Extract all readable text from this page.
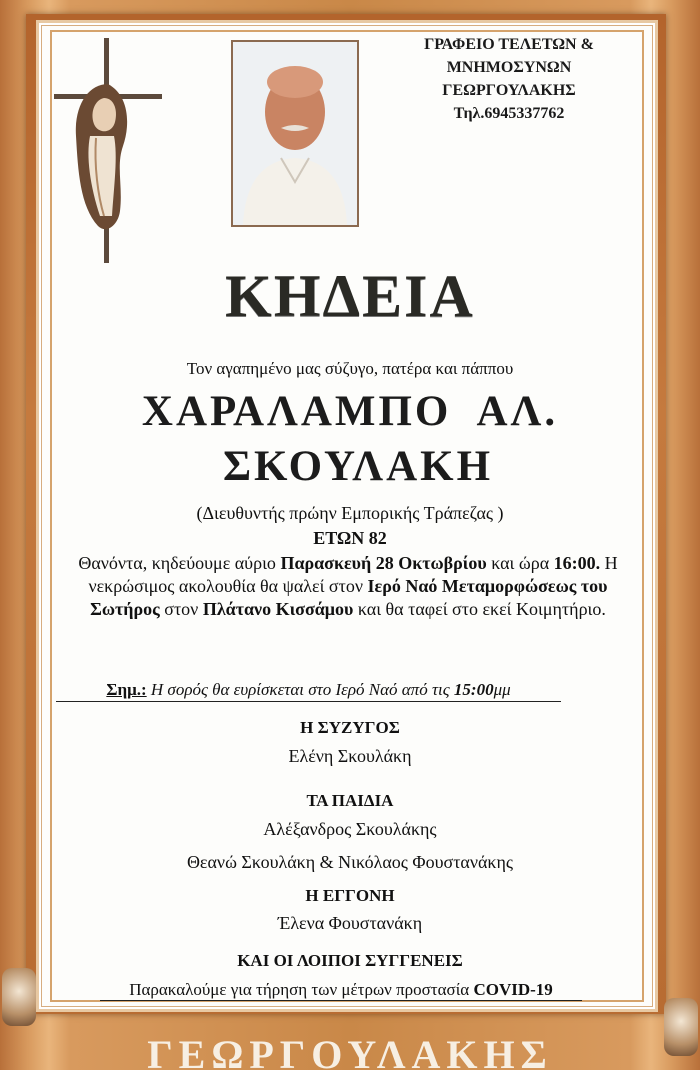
ΓΡΑΦΕΙΟ ΤΕΛΕΤΩΝ &
ΜΝΗΜΟΣΥΝΩΝ
ΓΕΩΡΓΟΥΛΑΚΗΣ
Τηλ.6945337762
ΚΗΔΕΙΑ
Τον αγαπημένο μας σύζυγο, πατέρα και πάππου
ΧΑΡΑΛΑΜΠΟ  ΑΛ.
ΣΚΟΥΛΑΚΗ
(Διευθυντής πρώην Εμπορικής Τράπεζας )
ΕΤΩΝ 82
Θανόντα, κηδεύουμε αύριο Παρασκευή 28 Οκτωβρίου και ώρα 16:00. Η νεκρώσιμος ακολουθία θα ψαλεί στον Ιερό Ναό Μεταμορφώσεως του Σωτήρος στον Πλάτανο Κισσάμου και θα ταφεί στο εκεί Κοιμητήριο.
Σημ.: Η σορός θα ευρίσκεται στο Ιερό Ναό από τις 15:00μμ
Η ΣΥΖΥΓΟΣ
Ελένη Σκουλάκη
ΤΑ ΠΑΙΔΙΑ
Αλέξανδρος Σκουλάκης
Θεανώ Σκουλάκη & Νικόλαος Φουστανάκης
Η ΕΓΓΟΝΗ
Έλενα Φουστανάκη
ΚΑΙ ΟΙ ΛΟΙΠΟΙ ΣΥΓΓΕΝΕΙΣ
Παρακαλούμε για τήρηση των μέτρων προστασία COVID-19
ΓΕΩΡΓΟΥΛΑΚΗΣ
